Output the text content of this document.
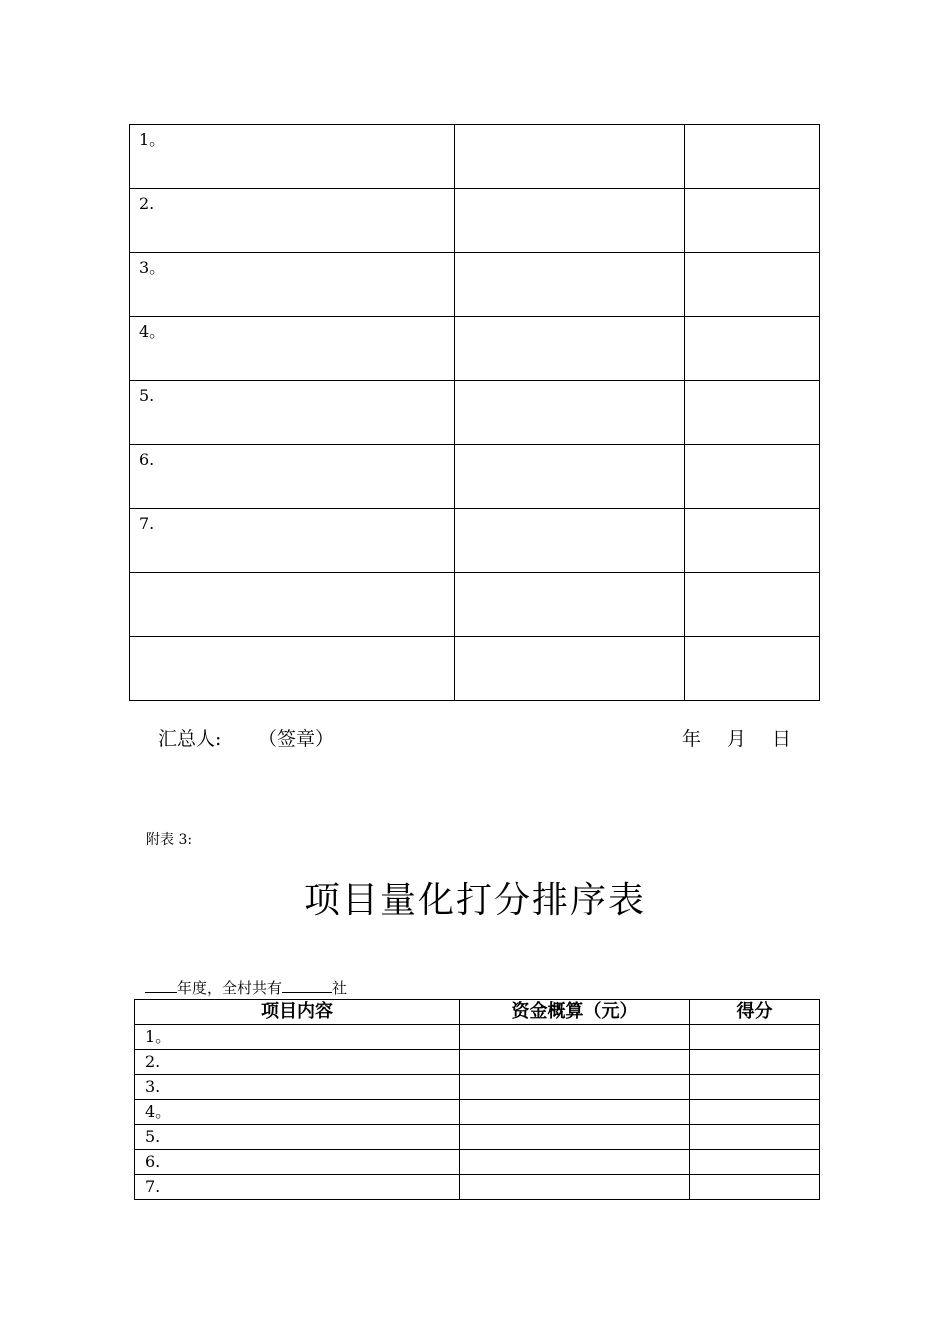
1。		

2.		

3。		

4。		

5.		

6.		

7.		

汇总人: （签章）	年 月 日
附表 3:
项目量化打分排序表
年度，全村共有	社
项目内容	资金概算（元）	得分
1。		
2.		
3.		
4。		
5.		
6.		
7.		
